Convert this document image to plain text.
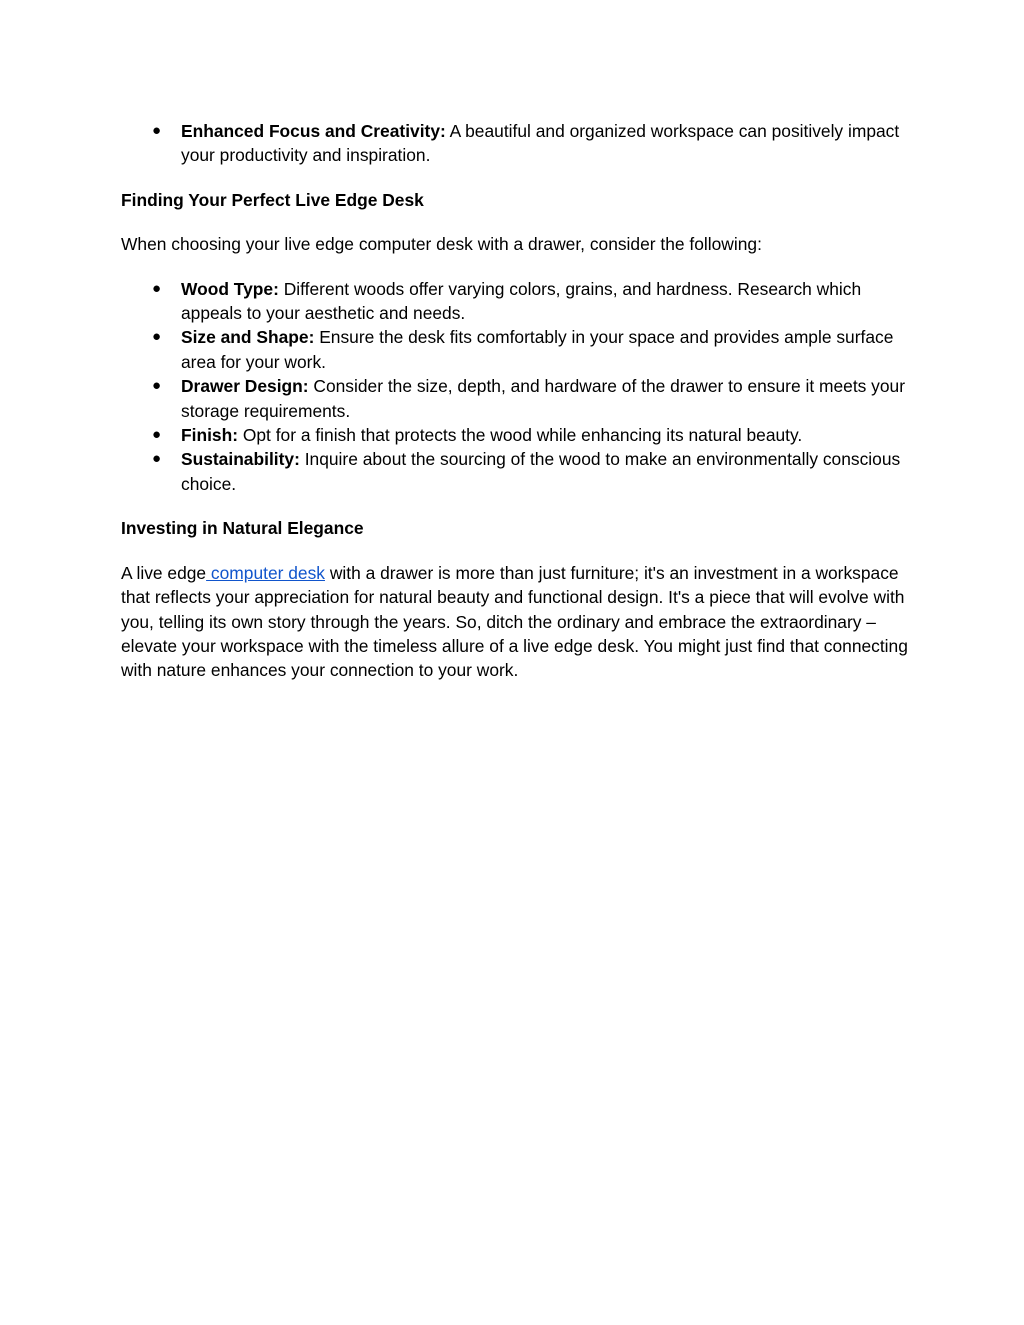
● Enhanced Focus and Creativity: A beautiful and organized workspace can positively impact your productivity and inspiration.

Finding Your Perfect Live Edge Desk

When choosing your live edge computer desk with a drawer, consider the following:

● Wood Type: Different woods offer varying colors, grains, and hardness. Research which appeals to your aesthetic and needs.
● Size and Shape: Ensure the desk fits comfortably in your space and provides ample surface area for your work.
● Drawer Design: Consider the size, depth, and hardware of the drawer to ensure it meets your storage requirements.
● Finish: Opt for a finish that protects the wood while enhancing its natural beauty.
● Sustainability: Inquire about the sourcing of the wood to make an environmentally conscious choice.

Investing in Natural Elegance

A live edge computer desk with a drawer is more than just furniture; it's an investment in a workspace that reflects your appreciation for natural beauty and functional design. It's a piece that will evolve with you, telling its own story through the years. So, ditch the ordinary and embrace the extraordinary – elevate your workspace with the timeless allure of a live edge desk. You might just find that connecting with nature enhances your connection to your work.
